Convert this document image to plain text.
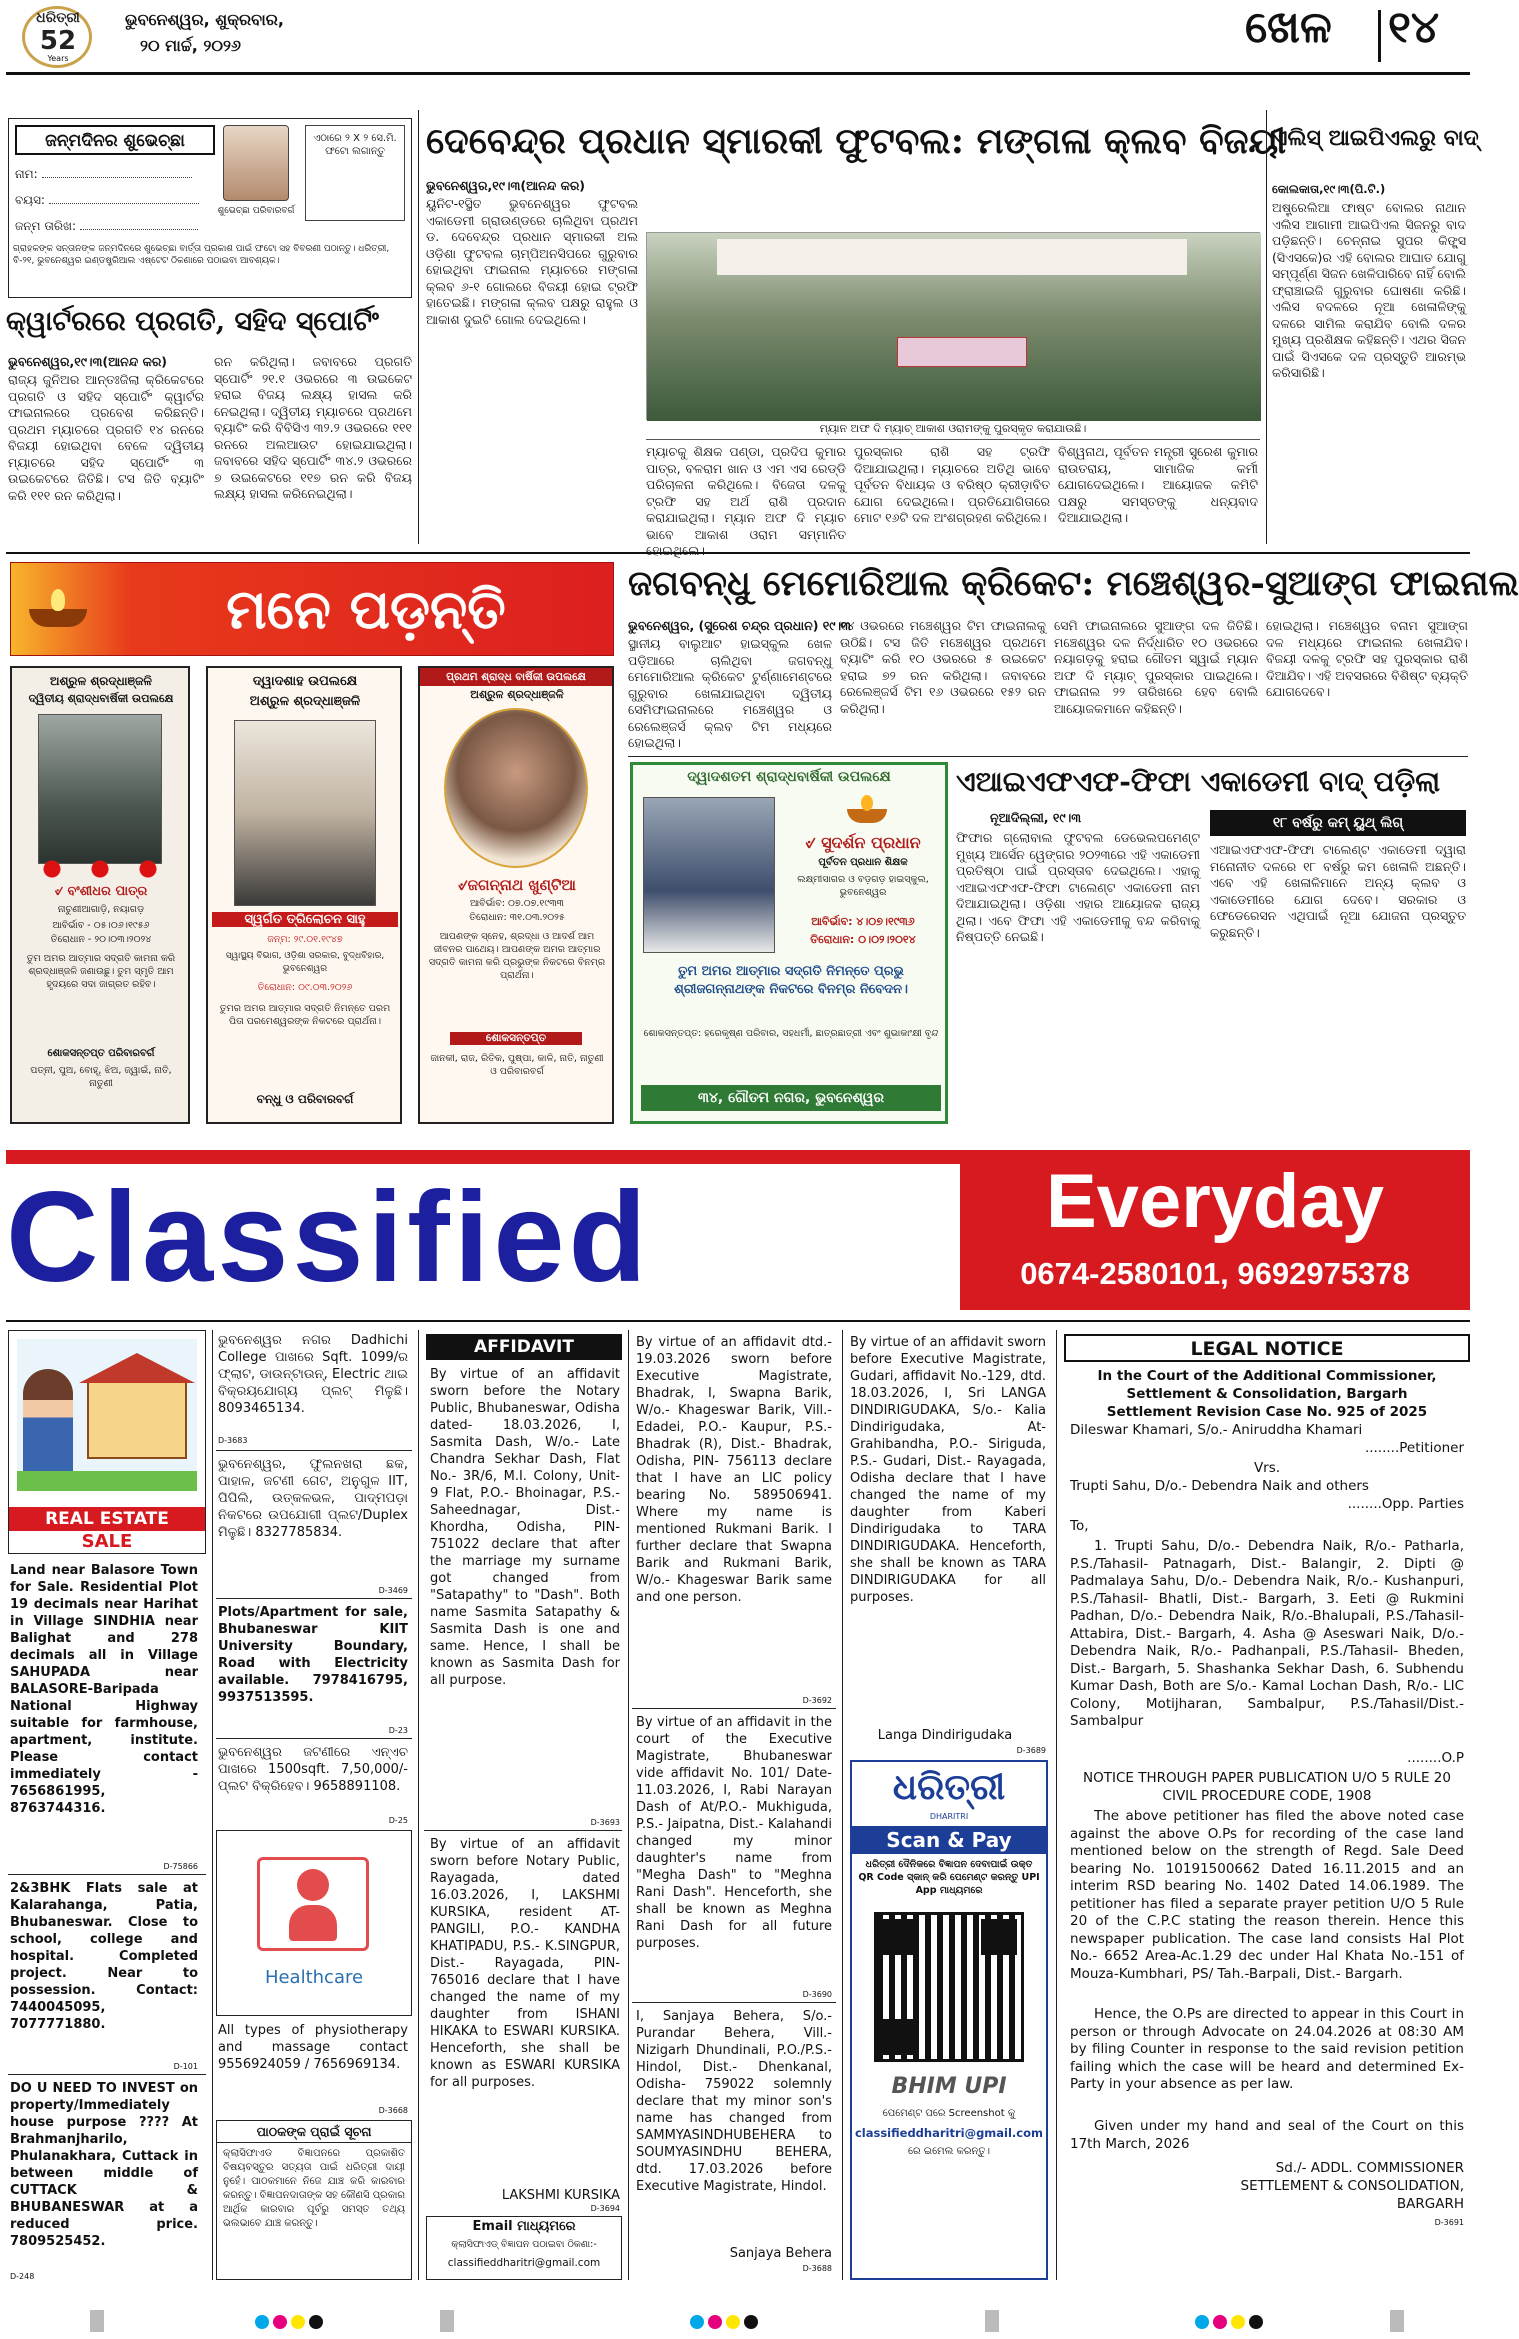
ଧରିତ୍ରୀ
52
Years
ଭୁବନେଶ୍ୱର, ଶୁକ୍ରବାର,
୨୦ ମାର୍ଚ୍ଚ, ୨୦୨୬	ଖେଳ ୧୪
ଜନ୍ମଦିନର ଶୁଭେଚ୍ଛା
ନାମ:
ବୟସ:
ଜନ୍ମ ତାରିଖ:
ଶୁଭେଚ୍ଛା ପରିବାରବର୍ଗ
ଏଠାରେ ୨ X ୨ ସେ.ମି. ଫଟୋ ଲଗାନ୍ତୁ
ଗ୍ରାହକଙ୍କ ସନ୍ତାନଙ୍କ ଜନ୍ମଦିନରେ ଶୁଭେଚ୍ଛା ବାର୍ତ୍ତା ପ୍ରକାଶ ପାଇଁ ଫଟୋ ସହ ବିବରଣୀ ପଠାନ୍ତୁ। ଧରିତ୍ରୀ, ବି-୨୧, ଭୁବନେଶ୍ୱର ଇଣ୍ଡଷ୍ଟ୍ରିଆଲ ଏଷ୍ଟେଟ ଠିକଣାରେ ପଠାଇବା ଆବଶ୍ୟକ।
କ୍ୱାର୍ଟରରେ ପ୍ରଗତି, ସହିଦ ସ୍ପୋର୍ଟିଂ
ଭୁବନେଶ୍ୱର,୧୯।୩(ଆନନ୍ଦ କର)
ରାଜ୍ୟ ଜୁନିଅର ଆନ୍ତଃଜିଲା କ୍ରିକେଟରେ ପ୍ରଗତି ଓ ସହିଦ ସ୍ପୋର୍ଟିଂ କ୍ୱାର୍ଟର ଫାଇନାଲରେ ପ୍ରବେଶ କରିଛନ୍ତି। ପ୍ରଥମ ମ୍ୟାଚରେ ପ୍ରଗତି ୧୪ ରନରେ ବିଜୟୀ ହୋଇଥିବା ବେଳେ ଦ୍ୱିତୀୟ ମ୍ୟାଚରେ ସହିଦ ସ୍ପୋର୍ଟିଂ ୩ ଉଇକେଟରେ ଜିତିଛି। ଟସ ଜିତି ବ୍ୟାଟିଂ କରି ୧୧୧ ରନ କରିଥିଲା।
ରନ କରିଥିଲା। ଜବାବରେ ପ୍ରଗତି ସ୍ପୋର୍ଟିଂ ୨୧.୧ ଓଭରରେ ୩ ଉଇକେଟ ହରାଇ ବିଜୟ ଲକ୍ଷ୍ୟ ହାସଲ କରି ନେଇଥିଲା। ଦ୍ୱିତୀୟ ମ୍ୟାଚରେ ପ୍ରଥମେ ବ୍ୟାଟିଂ କରି ବିବିସିଏ ୩୨.୨ ଓଭରରେ ୧୧୧ ରନରେ ଅଲଆଉଟ ହୋଇଯାଇଥିଲା। ଜବାବରେ ସହିଦ ସ୍ପୋର୍ଟିଂ ୩୪.୨ ଓଭରରେ ୭ ଉଇକେଟରେ ୧୧୭ ରନ କରି ବିଜୟ ଲକ୍ଷ୍ୟ ହାସଲ କରିନେଇଥିଲା।
ଦେବେନ୍ଦ୍ର ପ୍ରଧାନ ସ୍ମାରକୀ ଫୁଟବଲ: ମଙ୍ଗଳା କ୍ଲବ ବିଜୟୀ
ଭୁବନେଶ୍ୱର,୧୯।୩(ଆନନ୍ଦ କର)
ୟୁନିଟ-୧ସ୍ଥିତ ଭୁବନେଶ୍ୱର ଫୁଟବଲ ଏକାଡେମୀ ଗ୍ରାଉଣ୍ଡରେ ଚାଲିଥିବା ପ୍ରଥମ ଡ. ଦେବେନ୍ଦ୍ର ପ୍ରଧାନ ସ୍ମାରକୀ ଅଲ ଓଡ଼ିଶା ଫୁଟବଲ ଚାମ୍ପିଅନସିପରେ ଗୁରୁବାର ହୋଇଥିବା ଫାଇନାଲ ମ୍ୟାଚରେ ମଙ୍ଗଳା କ୍ଲବ ୬-୧ ଗୋଲରେ ବିଜୟୀ ହୋଇ ଟ୍ରଫି ହାତେଇଛି। ମଙ୍ଗଳା କ୍ଲବ ପକ୍ଷରୁ ରାହୁଲ ଓ ଆକାଶ ଦୁଇଟି ଗୋଲ ଦେଇଥିଲେ।
ମ୍ୟାନ ଅଫ ଦି ମ୍ୟାଚ୍ ଆକାଶ ଓରାମଙ୍କୁ ପୁରସ୍କୃତ କରାଯାଉଛି।
ମ୍ୟାଚକୁ ଶିକ୍ଷକ ପଣ୍ଡା, ପ୍ରଦିପ କୁମାର ପାତ୍ର, ବଳରାମ ଖାନ ଓ ଏମ ଏସ ରେଡ୍ଡି ପରିଚାଳନା କରିଥିଲେ। ବିଜେତା ଦଳକୁ ଟ୍ରଫି ସହ ଅର୍ଥ ରାଶି ପ୍ରଦାନ କରାଯାଇଥିଲା। ମ୍ୟାନ ଅଫ ଦି ମ୍ୟାଚ ଭାବେ ଆକାଶ ଓରାମ ସମ୍ମାନିତ ହୋଇଥିଲେ।
ପୁରସ୍କାର ରାଶି ସହ ଟ୍ରଫି ଦିଆଯାଇଥିଲା। ମ୍ୟାଚରେ ଅତିଥି ଭାବେ ପୂର୍ବତନ ବିଧାୟକ ଓ ବରିଷ୍ଠ କ୍ରୀଡ଼ାବିତ ଯୋଗ ଦେଇଥିଲେ। ପ୍ରତିଯୋଗିତାରେ ମୋଟ ୧୬ଟି ଦଳ ଅଂଶଗ୍ରହଣ କରିଥିଲେ।
ବିଶ୍ୱନାଥ, ପୂର୍ବତନ ମନ୍ତ୍ରୀ ସୁରେଶ କୁମାର ରାଉତରାୟ, ସାମାଜିକ କର୍ମୀ ଯୋଗଦେଇଥିଲେ। ଆୟୋଜକ କମିଟି ପକ୍ଷରୁ ସମସ୍ତଙ୍କୁ ଧନ୍ୟବାଦ ଦିଆଯାଇଥିଲା।
ଏଲିସ୍ ଆଇପିଏଲରୁ ବାଦ୍
କୋଲକାତା,୧୯।୩(ପି.ଟି.)
ଅଷ୍ଟ୍ରେଲିଆ ଫାଷ୍ଟ ବୋଲର ନାଥାନ ଏଲିସ ଆଗାମୀ ଆଇପିଏଲ ସିଜନରୁ ବାଦ ପଡ଼ିଛନ୍ତି। ଚେନ୍ନାଇ ସୁପର କିଙ୍ଗ୍ସ (ସିଏସକେ)ର ଏହି ବୋଲର ଆଘାତ ଯୋଗୁ ସମ୍ପୂର୍ଣ୍ଣ ସିଜନ ଖେଳିପାରିବେ ନାହିଁ ବୋଲି ଫ୍ରାଞ୍ଚାଇଜି ଗୁରୁବାର ଘୋଷଣା କରିଛି। ଏଲିସ ବଦଳରେ ନୂଆ ଖେଳାଳିଙ୍କୁ ଦଳରେ ସାମିଲ କରାଯିବ ବୋଲି ଦଳର ମୁଖ୍ୟ ପ୍ରଶିକ୍ଷକ କହିଛନ୍ତି। ଏଥର ସିଜନ ପାଇଁ ସିଏସକେ ଦଳ ପ୍ରସ୍ତୁତି ଆରମ୍ଭ କରିସାରିଛି।
ମନେ ପଡ଼ନ୍ତି
ଅଶ୍ରୁଳ ଶ୍ରଦ୍ଧାଞ୍ଜଳି
ଦ୍ୱିତୀୟ ଶ୍ରାଦ୍ଧବାର୍ଷିକୀ ଉପଲକ୍ଷେ
୰ ବଂଶୀଧର ପାତ୍ର
ନାଚୁଣୀଆଗାଡ଼ି, ନୟାଗଡ଼
ଆବିର୍ଭାବ - ୦୫।୦୬।୧୯୫୬
ତିରୋଧାନ - ୨୦।୦୩।୨୦୨୪
ତୁମ ଅମର ଆତ୍ମାର ସଦ୍‌ଗତି କାମନା କରି ଶ୍ରଦ୍ଧାଞ୍ଜଳି ଜଣାଉଛୁ। ତୁମ ସ୍ମୃତି ଆମ ହୃଦୟରେ ସଦା ଜାଗ୍ରତ ରହିବ।
ଶୋକସନ୍ତପ୍ତ ପରିବାରବର୍ଗ
ପତ୍ନୀ, ପୁଅ, ବୋହୂ, ଝିଅ, ଜ୍ୱାଇଁ, ନାତି, ନାତୁଣୀ
ଦ୍ୱାଦଶାହ ଉପଲକ୍ଷେ
ଅଶ୍ରୁଳ ଶ୍ରଦ୍ଧାଞ୍ଜଳି
ସ୍ୱର୍ଗତ ତ୍ରିଲୋଚନ ସାହୁ
ଜନ୍ମ: ୨୯.୦୧.୧୯୪୭
ସ୍ୱାସ୍ଥ୍ୟ ବିଭାଗ, ଓଡ଼ିଶା ସରକାର, ବୁଦ୍ଧବିହାର, ଭୁବନେଶ୍ୱର
ତିରୋଧାନ: ୦୯.୦୩.୨୦୨୬
ତୁମର ଅମର ଆତ୍ମାର ସଦ୍‌ଗତି ନିମନ୍ତେ ପରମ ପିତା ପରମେଶ୍ୱରଙ୍କ ନିକଟରେ ପ୍ରାର୍ଥନା।
ବନ୍ଧୁ ଓ ପରିବାରବର୍ଗ
ପ୍ରଥମ ଶ୍ରାଦ୍ଧ ବାର୍ଷିକୀ ଉପଲକ୍ଷେ
ଅଶ୍ରୁଳ ଶ୍ରଦ୍ଧାଞ୍ଜଳି
୰ଜଗନ୍ନାଥ ଖୁଣ୍ଟିଆ
ଆବିର୍ଭାବ: ୦୭.୦୭.୧୯୩୩
ତିରୋଧାନ: ୩୧.୦୩.୨୦୨୫
ଆପଣଙ୍କ ସ୍ନେହ, ଶ୍ରଦ୍ଧା ଓ ଆଦର୍ଶ ଆମ ଜୀବନର ପାଥେୟ। ଆପଣଙ୍କ ଅମର ଆତ୍ମାର ସଦ୍‌ଗତି କାମନା କରି ପ୍ରଭୁଙ୍କ ନିକଟରେ ବିନମ୍ର ପ୍ରାର୍ଥନା।
ଶୋକସନ୍ତପ୍ତ
ଜାନକୀ, ରାଜ, ରିତିକ, ପୁଷ୍ପା, କାଳି, ନାତି, ନାତୁଣୀ ଓ ପରିବାରବର୍ଗ
ଜଗବନ୍ଧୁ ମେମୋରିଆଲ କ୍ରିକେଟ: ମଞ୍ଚେଶ୍ୱର-ସୁଆଙ୍ଗ ଫାଇନାଲ
ଭୁବନେଶ୍ୱର, (ସୁରେଶ ଚନ୍ଦ୍ର ପ୍ରଧାନ) ୧୯।୩
ସ୍ଥାନୀୟ ବାଲୁଆଟ ହାଇସ୍କୁଲ ଖେଳ ପଡ଼ିଆରେ ଚାଲିଥିବା ଜଗବନ୍ଧୁ ମେମୋରିଆଲ କ୍ରିକେଟ ଟୁର୍ଣ୍ଣାମେଣ୍ଟରେ ଗୁରୁବାର ଖେଳାଯାଇଥିବା ଦ୍ୱିତୀୟ ସେମିଫାଇନାଲରେ ମଞ୍ଚେଶ୍ୱର ଓ ରେଲେଞ୍ଜର୍ସ କ୍ଲବ ଟିମ ମଧ୍ୟରେ ହୋଇଥିଲା।
୧୪ ଓଭରରେ ମଞ୍ଚେଶ୍ୱର ଟିମ ଫାଇନାଲକୁ ଉଠିଛି। ଟସ ଜିତି ମଞ୍ଚେଶ୍ୱର ପ୍ରଥମେ ବ୍ୟାଟିଂ କରି ୧୦ ଓଭରରେ ୫ ଉଇକେଟ ହରାଇ ୭୨ ରନ କରିଥିଲା। ଜବାବରେ ରେଲେଞ୍ଜର୍ସ ଟିମ ୧୬ ଓଭରରେ ୧୫୨ ରନ କରିଥିଲା।
ସେମି ଫାଇନାଲରେ ସୁଆଙ୍ଗ ଦଳ ଜିତିଛି। ମଞ୍ଚେଶ୍ୱର ଦଳ ନିର୍ଦ୍ଧାରିତ ୧୦ ଓଭରରେ ନୟାଗଡ଼କୁ ହରାଇ ଗୌତମ ସ୍ୱାଇଁ ମ୍ୟାନ ଅଫ ଦି ମ୍ୟାଚ୍ ପୁରସ୍କାର ପାଇଥିଲେ। ଫାଇନାଲ ୨୨ ତାରିଖରେ ହେବ ବୋଲି ଆୟୋଜକମାନେ କହିଛନ୍ତି।
ହୋଇଥିଲା। ମଞ୍ଚେଶ୍ୱର ବନାମ ସୁଆଙ୍ଗ ଦଳ ମଧ୍ୟରେ ଫାଇନାଲ ଖେଳାଯିବ। ବିଜୟୀ ଦଳକୁ ଟ୍ରଫି ସହ ପୁରସ୍କାର ରାଶି ଦିଆଯିବ। ଏହି ଅବସରରେ ବିଶିଷ୍ଟ ବ୍ୟକ୍ତି ଯୋଗଦେବେ।
ଦ୍ୱାଦଶତମ ଶ୍ରାଦ୍ଧବାର୍ଷିକୀ ଉପଲକ୍ଷେ
୰ ସୁଦର୍ଶନ ପ୍ରଧାନ
ପୂର୍ବତନ ପ୍ରଧାନ ଶିକ୍ଷକ
ଲକ୍ଷ୍ମୀସାଗର ଓ ବଡ଼ଗଡ଼ ହାଇସ୍କୁଲ, ଭୁବନେଶ୍ୱର
ଆବିର୍ଭାବ: ୪।୦୭।୧୯୩୬
ତିରୋଧାନ: ୦।୦୨।୨୦୧୪
ତୁମ ଅମର ଆତ୍ମାର ସଦ୍‌ଗତି ନିମନ୍ତେ ପ୍ରଭୁ ଶ୍ରୀଜଗନ୍ନାଥଙ୍କ ନିକଟରେ ବିନମ୍ର ନିବେଦନ।
ଶୋକସନ୍ତପ୍ତ: ହରେକୃଷ୍ଣ ପରିବାର, ସହଧର୍ମୀ, ଛାତ୍ରଛାତ୍ରୀ ଏବଂ ଶୁଭାକାଂକ୍ଷୀ ବୃନ୍ଦ
୩୪, ଗୌତମ ନଗର, ଭୁବନେଶ୍ୱର
ଏଆଇଏଫଏଫ-ଫିଫା ଏକାଡେମୀ ବାଦ୍ ପଡ଼ିଲା
ନୂଆଦିଲ୍ଲୀ, ୧୯।୩	୧୮ ବର୍ଷରୁ କମ୍ ୟୁଥ୍ ଲିଗ୍
ଫିଫାର ଗ୍ଲୋବାଲ ଫୁଟବଲ ଡେଭେଲପମେଣ୍ଟ ମୁଖ୍ୟ ଆର୍ସେନ ୱେଙ୍ଗର ୨୦୨୩ରେ ଏହି ଏକାଡେମୀ ପ୍ରତିଷ୍ଠା ପାଇଁ ପ୍ରସ୍ତାବ ଦେଇଥିଲେ। ଏହାକୁ ଏଆଇଏଫଏଫ-ଫିଫା ଟାଲେଣ୍ଟ ଏକାଡେମୀ ନାମ ଦିଆଯାଇଥିଲା। ଓଡ଼ିଶା ଏହାର ଆୟୋଜକ ରାଜ୍ୟ ଥିଲା। ଏବେ ଫିଫା ଏହି ଏକାଡେମୀକୁ ବନ୍ଦ କରିବାକୁ ନିଷ୍ପତ୍ତି ନେଇଛି।
ଏଆଇଏଫଏଫ-ଫିଫା ଟାଲେଣ୍ଟ ଏକାଡେମୀ ଦ୍ୱାରା ମନୋନୀତ ଦଳରେ ୧୮ ବର୍ଷରୁ କମ ଖେଳାଳି ଅଛନ୍ତି। ଏବେ ଏହି ଖେଳାଳିମାନେ ଅନ୍ୟ କ୍ଲବ ଓ ଏକାଡେମୀରେ ଯୋଗ ଦେବେ। ସରକାର ଓ ଫେଡେରେସନ ଏଥିପାଇଁ ନୂଆ ଯୋଜନା ପ୍ରସ୍ତୁତ କରୁଛନ୍ତି।
Classified	Everyday
0674-2580101, 9692975378
REAL ESTATE
SALE
Land near Balasore Town for Sale. Residential Plot 19 decimals near Harihat in Village SINDHIA near Balighat and 278 decimals all in Village SAHUPADA near BALASORE-Baripada National Highway suitable for farmhouse, apartment, institute. Please contact immediately - 7656861995, 8763744316.
D-75866
2&3BHK Flats sale at Kalarahanga, Patia, Bhubaneswar. Close to school, college and hospital. Completed project. Near to possession. Contact: 7440045095, 7077771880.
D-101
DO U NEED TO INVEST on property/Immediately house purpose ???? At Brahmanjharilo, Phulanakhara, Cuttack in between middle of CUTTACK & BHUBANESWAR at a reduced price. 7809525452.
D-248
ଭୁବନେଶ୍ୱର ନଗର Dadhichi College ପାଖରେ Sqft. 1099/ର ଫ୍ଲାଟ, ଡାଉନ୍‌ଟାଉନ୍, Electric ଥାଇ ବିକ୍ରୟଯୋଗ୍ୟ ପ୍ଲଟ୍ ମିଳୁଛି। 8093465134.
D-3683
ଭୁବନେଶ୍ୱର, ଫୁଲନଖରା ଛକ, ପାହାଳ, ଜଟଣୀ ଗେଟ, ଅନୁଗୁଳ IIT, ପିପିଲି, ଉତ୍କଳଭଳ, ପାଦ୍ମପଡ଼ା ନିକଟରେ ଉପଯୋଗୀ ପ୍ଲଟ/Duplex ମିଳୁଛି। 8327785834.
D-3469
Plots/Apartment for sale, Bhubaneswar KIIT University Boundary, Road with Electricity available. 7978416795, 9937513595.
D-23
ଭୁବନେଶ୍ୱର ଜଟଣୀରେ ଏନ୍ଏଚ ପାଖରେ 1500sqft. 7,50,000/- ପ୍ଲଟ ବିକ୍ରିହେବ। 9658891108.
D-25
Healthcare
All types of physiotherapy and massage contact 9556924059 / 7656969134.
D-3668
ପାଠକଙ୍କ ପ୍ରାଇଁ ସୂଚନା
କ୍ଲାସିଫାଏଡ ବିଜ୍ଞାପନରେ ପ୍ରକାଶିତ ବିଷୟବସ୍ତୁର ସତ୍ୟତା ପାଇଁ ଧରିତ୍ରୀ ଦାୟୀ ନୁହେଁ। ପାଠକମାନେ ନିଜେ ଯାଞ୍ଚ କରି କାରବାର କରନ୍ତୁ। ବିଜ୍ଞାପନଦାତାଙ୍କ ସହ କୌଣସି ପ୍ରକାର ଆର୍ଥିକ କାରବାର ପୂର୍ବରୁ ସମସ୍ତ ତଥ୍ୟ ଭଲଭାବେ ଯାଞ୍ଚ କରନ୍ତୁ।
AFFIDAVIT
By virtue of an affidavit sworn before the Notary Public, Bhubaneswar, Odisha dated- 18.03.2026, I, Sasmita Dash, W/o.- Late Chandra Sekhar Dash, Flat No.- 3R/6, M.I. Colony, Unit- 9 Flat, P.O.- Bhoinagar, P.S.-Saheednagar, Dist.- Khordha, Odisha, PIN-751022 declare that after the marriage my surname got changed from "Satapathy" to "Dash". Both name Sasmita Satapathy & Sasmita Dash is one and same. Hence, I shall be known as Sasmita Dash for all purpose.
D-3693
By virtue of an affidavit sworn before Notary Public, Rayagada, dated 16.03.2026, I, LAKSHMI KURSIKA, resident AT- PANGILI, P.O.- KANDHA KHATIPADU, P.S.- K.SINGPUR, Dist.- Rayagada, PIN- 765016 declare that I have changed the name of my daughter from ISHANI HIKAKA to ESWARI KURSIKA. Henceforth, she shall be known as ESWARI KURSIKA for all purposes.
LAKSHMI KURSIKA
D-3694
Email ମାଧ୍ୟମରେ
କ୍ଲାସିଫାଏଡ୍ ବିଜ୍ଞାପନ ପଠାଇବା ଠିକଣା:-
classifieddharitri@gmail.com
By virtue of an affidavit dtd.- 19.03.2026 sworn before Executive Magistrate, Bhadrak, I, Swapna Barik, W/o.- Khageswar Barik, Vill.- Edadei, P.O.- Kaupur, P.S.- Bhadrak (R), Dist.- Bhadrak, Odisha, PIN- 756113 declare that I have an LIC policy bearing No. 589506941. Where my name is mentioned Rukmani Barik. I further declare that Swapna Barik and Rukmani Barik, W/o.- Khageswar Barik same and one person.
D-3692
By virtue of an affidavit in the court of the Executive Magistrate, Bhubaneswar vide affidavit No. 101/ Date- 11.03.2026, I, Rabi Narayan Dash of At/P.O.- Mukhiguda, P.S.- Jaipatna, Dist.- Kalahandi changed my minor daughter's name from "Megha Dash" to "Meghna Rani Dash". Henceforth, she shall be known as Meghna Rani Dash for all future purposes.
D-3690
I, Sanjaya Behera, S/o.- Purandar Behera, Vill.- Nizigarh Dhundinali, P.O./P.S.- Hindol, Dist.- Dhenkanal, Odisha- 759022 solemnly declare that my minor son's name has changed from SAMMYASINDHUBEHERA to SOUMYASINDHU BEHERA, dtd. 17.03.2026 before Executive Magistrate, Hindol.
Sanjaya Behera
D-3688
By virtue of an affidavit sworn before Executive Magistrate, Gudari, affidavit No.-129, dtd. 18.03.2026, I, Sri LANGA DINDIRIGUDAKA, S/o.- Kalia Dindirigudaka, At- Grahibandha, P.O.- Siriguda, P.S.- Gudari, Dist.- Rayagada, Odisha declare that I have changed the name of my daughter from Kaberi Dindirigudaka to TARA DINDIRIGUDAKA. Henceforth, she shall be known as TARA DINDIRIGUDAKA for all purposes.
Langa Dindirigudaka
D-3689
ଧରିତ୍ରୀ
DHARITRI
Scan & Pay
ଧରିତ୍ରୀ ଦୈନିକରେ ବିଜ୍ଞାପନ ଦେବାପାଇଁ ଉକ୍ତ QR Code ସ୍କାନ୍ କରି ପେମେଣ୍ଟ କରନ୍ତୁ UPI App ମାଧ୍ୟମରେ
BHIM UPI
ପେମେଣ୍ଟ ପରେ Screenshot କୁ
classifieddharitri@gmail.com
ରେ ଇମେଲ କରନ୍ତୁ।
LEGAL NOTICE
In the Court of the Additional Commissioner, Settlement & Consolidation, Bargarh
Settlement Revision Case No. 925 of 2025
Dileswar Khamari, S/o.- Aniruddha Khamari
........Petitioner
Vrs.
Trupti Sahu, D/o.- Debendra Naik and others
........Opp. Parties
To,
1. Trupti Sahu, D/o.- Debendra Naik, R/o.- Patharla, P.S./Tahasil- Patnagarh, Dist.- Balangir, 2. Dipti @ Padmalaya Sahu, D/o.- Debendra Naik, R/o.- Kushanpuri, P.S./Tahasil- Bhatli, Dist.- Bargarh, 3. Eeti @ Rukmini Padhan, D/o.- Debendra Naik, R/o.-Bhalupali, P.S./Tahasil- Attabira, Dist.- Bargarh, 4. Asha @ Aseswari Naik, D/o.- Debendra Naik, R/o.- Padhanpali, P.S./Tahasil- Bheden, Dist.- Bargarh, 5. Shashanka Sekhar Dash, 6. Subhendu Kumar Dash, Both are S/o.- Kamal Lochan Dash, R/o.- LIC Colony, Motijharan, Sambalpur, P.S./Tahasil/Dist.- Sambalpur
........O.P
NOTICE THROUGH PAPER PUBLICATION U/O 5 RULE 20 CIVIL PROCEDURE CODE, 1908
The above petitioner has filed the above noted case against the above O.Ps for recording of the case land mentioned below on the strength of Regd. Sale Deed bearing No. 10191500662 Dated 16.11.2015 and an interim RSD bearing No. 1402 Dated 14.06.1989. The petitioner has filed a separate prayer petition U/O 5 Rule 20 of the C.P.C stating the reason therein. Hence this newspaper publication. The case land consists Hal Plot No.- 6652 Area-Ac.1.29 dec under Hal Khata No.-151 of Mouza-Kumbhari, PS/ Tah.-Barpali, Dist.- Bargarh.
Hence, the O.Ps are directed to appear in this Court in person or through Advocate on 24.04.2026 at 08:30 AM by filing Counter in response to the said revision petition failing which the case will be heard and determined Ex-Party in your absence as per law.
Given under my hand and seal of the Court on this 17th March, 2026
Sd./- ADDL. COMMISSIONER
SETTLEMENT & CONSOLIDATION,
BARGARH
D-3691
